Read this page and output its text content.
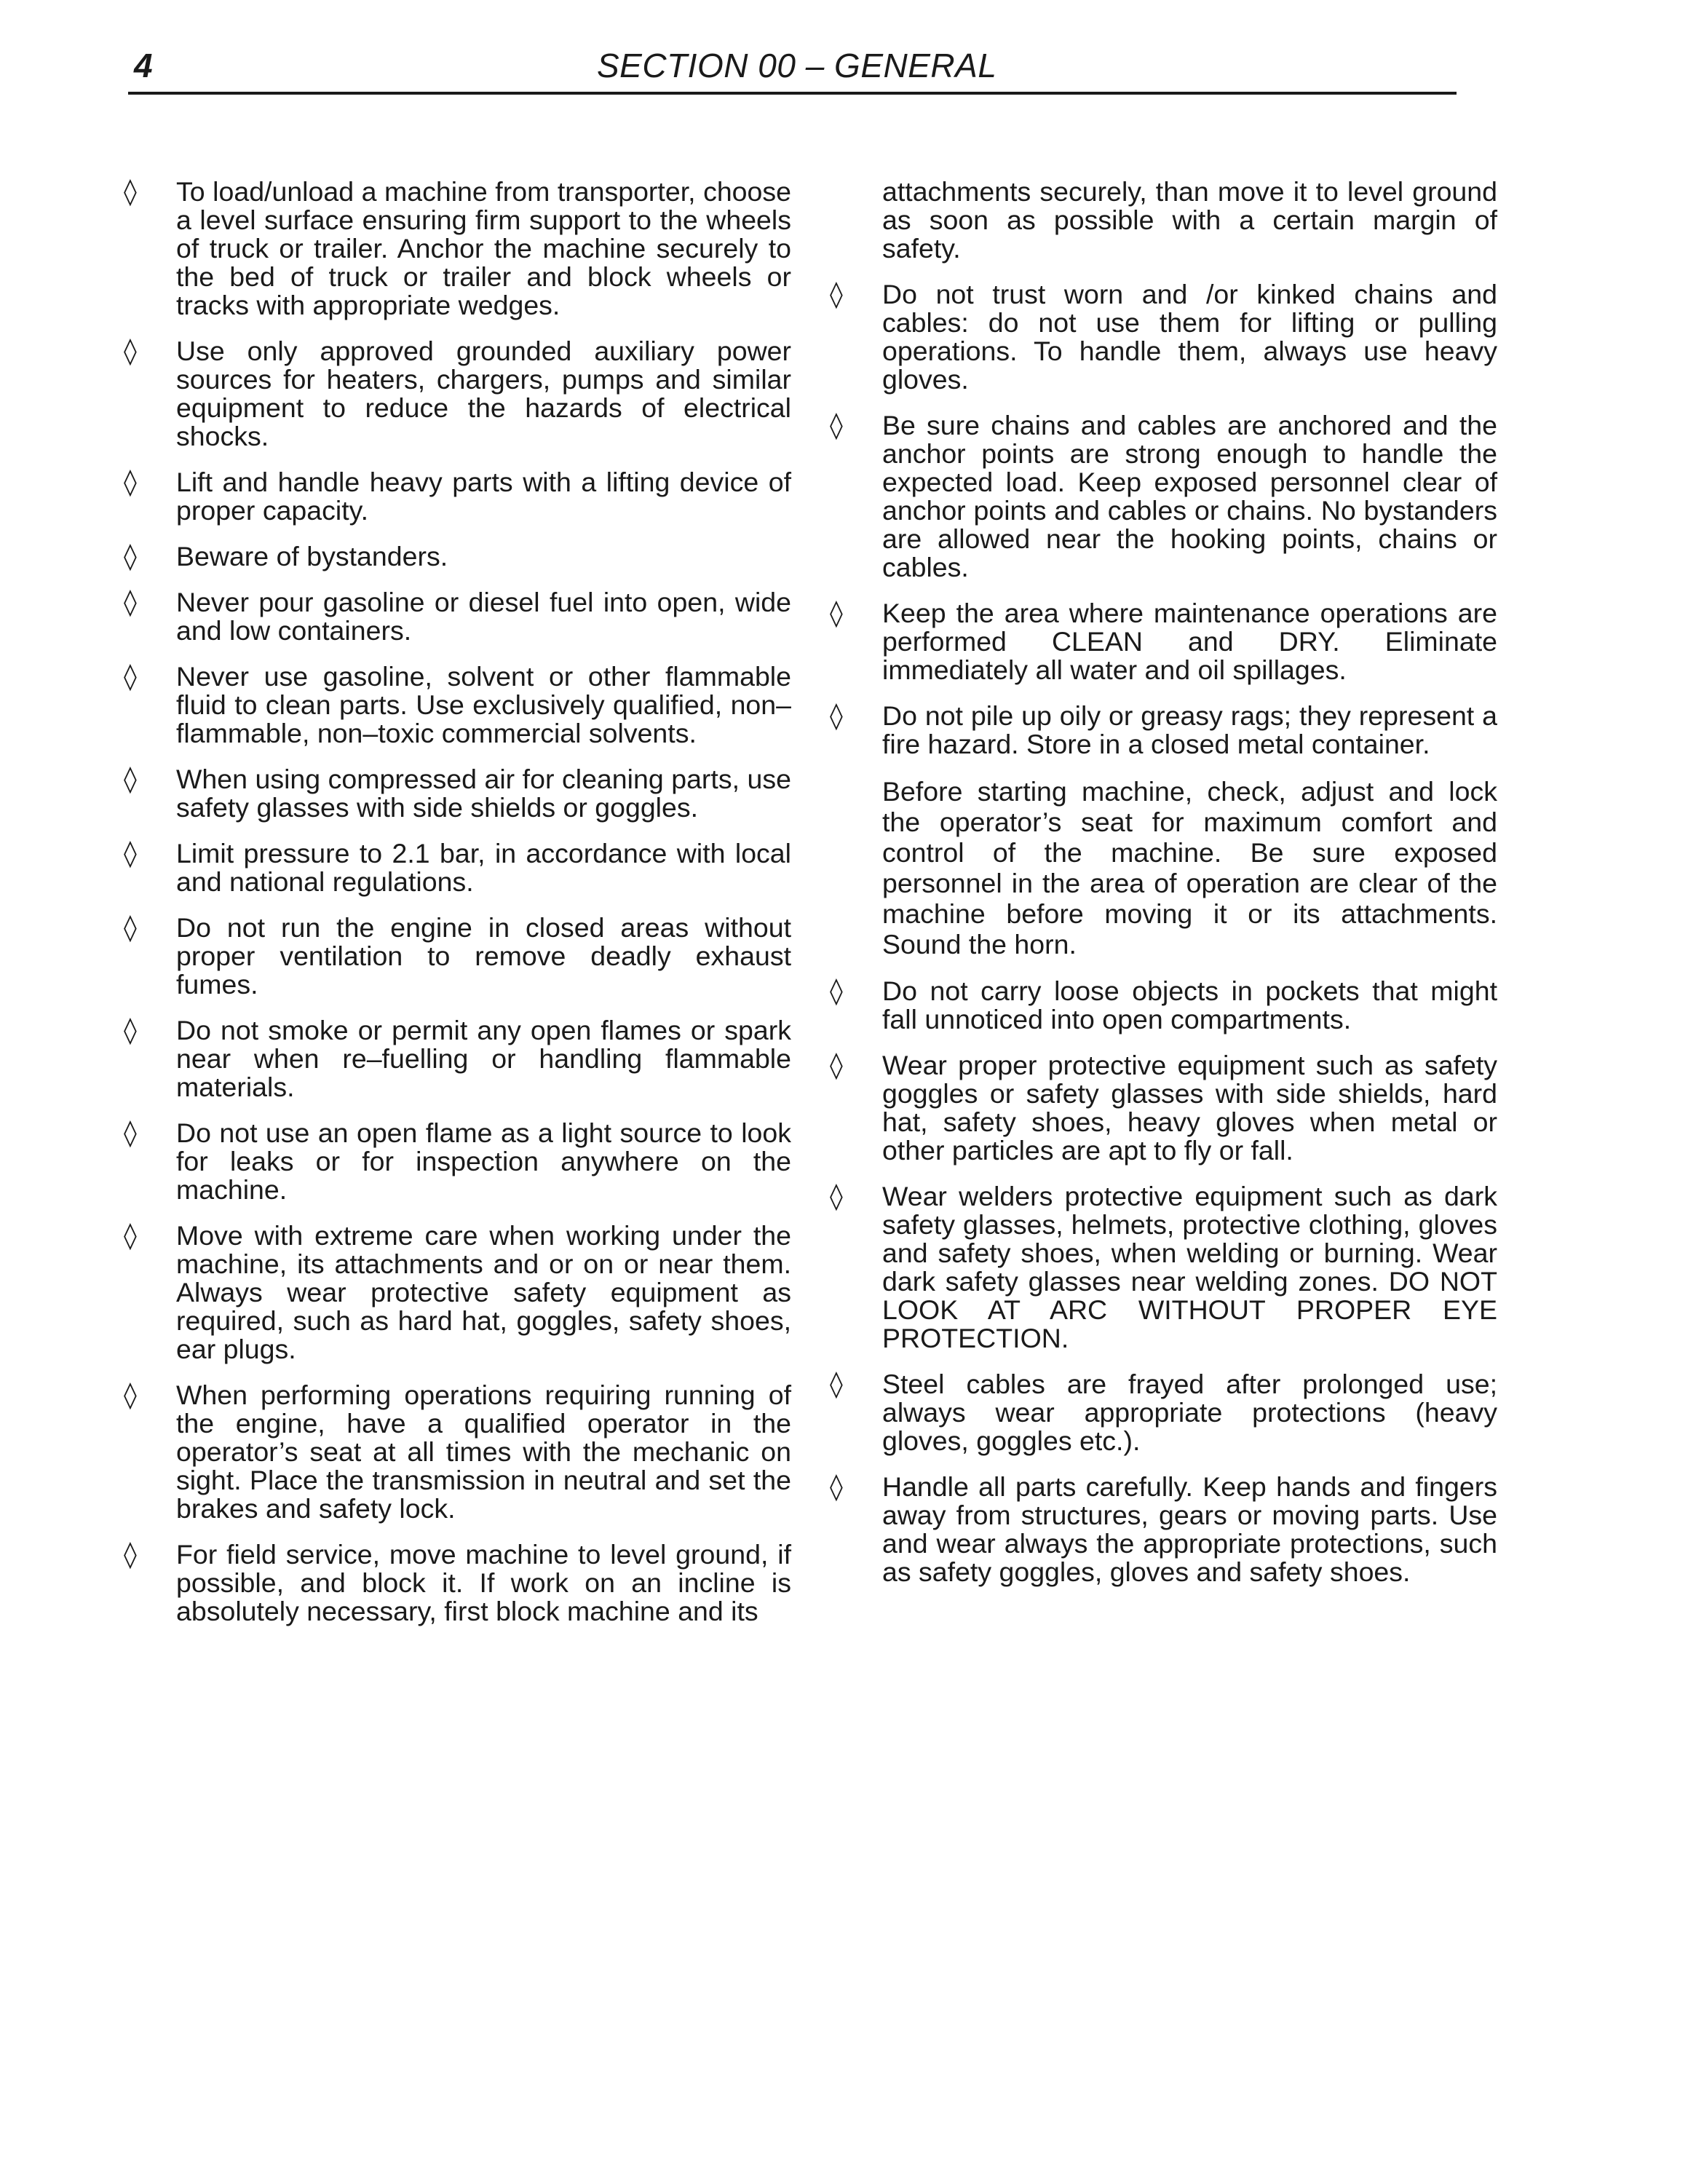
4	SECTION 00 – GENERAL
◊	To load/unload a machine from transporter, choose a level surface ensuring firm support to the wheels of truck or trailer. Anchor the machine securely to the bed of truck or trailer and block wheels or tracks with appropriate wedges.
◊	Use only approved grounded auxiliary power sources for heaters, chargers, pumps and similar equipment to reduce the hazards of electrical shocks.
◊	Lift and handle heavy parts with a lifting device of proper capacity.
◊	Beware of bystanders.
◊	Never pour gasoline or diesel fuel into open, wide and low containers.
◊	Never use gasoline, solvent or other flammable fluid to clean parts. Use exclusively qualified, non–flammable, non–toxic commercial solvents.
◊	When using compressed air for cleaning parts, use safety glasses with side shields or goggles.
◊	Limit pressure to 2.1 bar, in accordance with local and national regulations.
◊	Do not run the engine in closed areas without proper ventilation to remove deadly exhaust fumes.
◊	Do not smoke or permit any open flames or spark near when re–fuelling or handling flammable materials.
◊	Do not use an open flame as a light source to look for leaks or for inspection anywhere on the machine.
◊	Move with extreme care when working under the machine, its attachments and or on or near them. Always wear protective safety equipment as required, such as hard hat, goggles, safety shoes, ear plugs.
◊	When performing operations requiring running of the engine, have a qualified operator in the operator’s seat at all times with the mechanic on sight. Place the transmission in neutral and set the brakes and safety lock.
◊	For field service, move machine to level ground, if possible, and block it. If work on an incline is absolutely necessary, first block machine and its
attachments securely, than move it to level ground as soon as possible with a certain margin of safety.
◊	Do not trust worn and /or kinked chains and cables: do not use them for lifting or pulling operations. To handle them, always use heavy gloves.
◊	Be sure chains and cables are anchored and the anchor points are strong enough to handle the expected load. Keep exposed personnel clear of anchor points and cables or chains. No bystanders are allowed near the hooking points, chains or cables.
◊	Keep the area where maintenance operations are performed CLEAN and DRY. Eliminate immediately all water and oil spillages.
◊	Do not pile up oily or greasy rags; they represent a fire hazard. Store in a closed metal container.
Before starting machine, check, adjust and lock the operator’s seat for maximum comfort and control of the machine. Be sure exposed personnel in the area of operation are clear of the machine before moving it or its attachments. Sound the horn.
◊	Do not carry loose objects in pockets that might fall unnoticed into open compartments.
◊	Wear proper protective equipment such as safety goggles or safety glasses with side shields, hard hat, safety shoes, heavy gloves when metal or other particles are apt to fly or fall.
◊	Wear welders protective equipment such as dark safety glasses, helmets, protective clothing, gloves and safety shoes, when welding or burning. Wear dark safety glasses near welding zones. DO NOT LOOK AT ARC WITHOUT PROPER EYE PROTECTION.
◊	Steel cables are frayed after prolonged use; always wear appropriate protections (heavy gloves, goggles etc.).
◊	Handle all parts carefully. Keep hands and fingers away from structures, gears or moving parts. Use and wear always the appropriate protections, such as safety goggles, gloves and safety shoes.
